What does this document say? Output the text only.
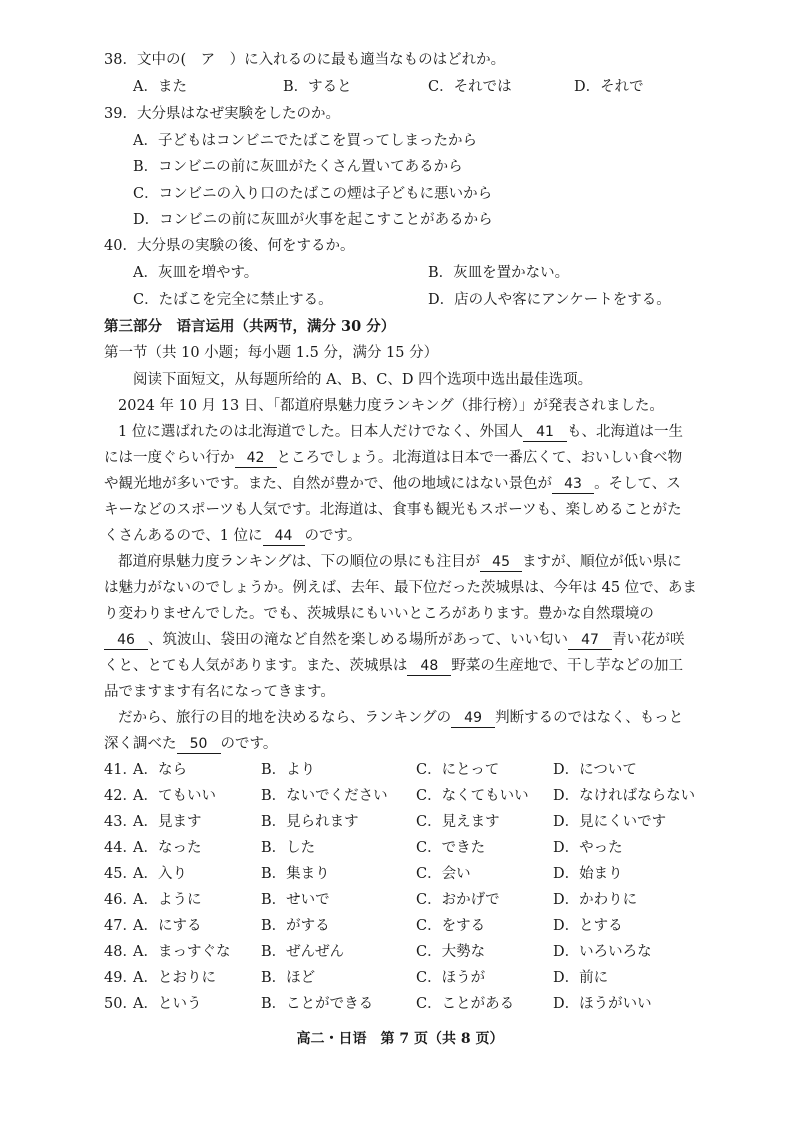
38．文中の(　ア　）に入れるのに最も適当なものはどれか。
A．また	B．すると	C．それでは	D．それで
39．大分県はなぜ実験をしたのか。
A．子どもはコンビニでたばこを買ってしまったから
B．コンビニの前に灰皿がたくさん置いてあるから
C．コンビニの入り口のたばこの煙は子どもに悪いから
D．コンビニの前に灰皿が火事を起こすことがあるから
40．大分県の実験の後、何をするか。
A．灰皿を増やす。	B．灰皿を置かない。
C．たばこを完全に禁止する。	D．店の人や客にアンケートをする。
第三部分　语言运用（共两节，满分 30 分）
第一节（共 10 小题；每小题 1.5 分，满分 15 分）
阅读下面短文，从每题所给的 A、B、C、D 四个选项中选出最佳选项。
2024 年 10 月 13 日、「都道府県魅力度ランキング（排行榜）」が発表されました。
1 位に選ばれたのは北海道でした。日本人だけでなく、外国人 41 も、北海道は一生
には一度ぐらい行か 42 ところでしょう。北海道は日本で一番広くて、おいしい食べ物
や観光地が多いです。また、自然が豊かで、他の地域にはない景色が 43 。そして、ス
キーなどのスポーツも人気です。北海道は、食事も観光もスポーツも、楽しめることがた
くさんあるので、1 位に 44 のです。
都道府県魅力度ランキングは、下の順位の県にも注目が 45 ますが、順位が低い県に
は魅力がないのでしょうか。例えば、去年、最下位だった茨城県は、今年は 45 位で、あま
り変わりませんでした。でも、茨城県にもいいところがあります。豊かな自然環境の
46 、筑波山、袋田の滝など自然を楽しめる場所があって、いい匂い 47 青い花が咲
くと、とても人気があります。また、茨城県は 48 野菜の生産地で、干し芋などの加工
品でますます有名になってきます。
だから、旅行の目的地を決めるなら、ランキングの 49 判断するのではなく、もっと
深く調べた 50 のです。
41．
A．なら	B．より	C．にとって	D．について
42．
A．てもいい	B．ないでください C．なくてもいい D．なければならない
43．
A．見ます	B．見られます	C．見えます	D．見にくいです
44．
A．なった	B．した	C．できた	D．やった
45．
A．入り	B．集まり	C．会い	D．始まり
46．
A．ように	B．せいで	C．おかげで	D．かわりに
47．
A．にする	B．がする	C．をする	D．とする
48．
A．まっすぐな B．ぜんぜん	C．大勢な	D．いろいろな
49．
A．とおりに	B．ほど	C．ほうが	D．前に
50．
A．という	B．ことができる	C．ことがある	D．ほうがいい
高二・日语　第 7 页（共 8 页）
